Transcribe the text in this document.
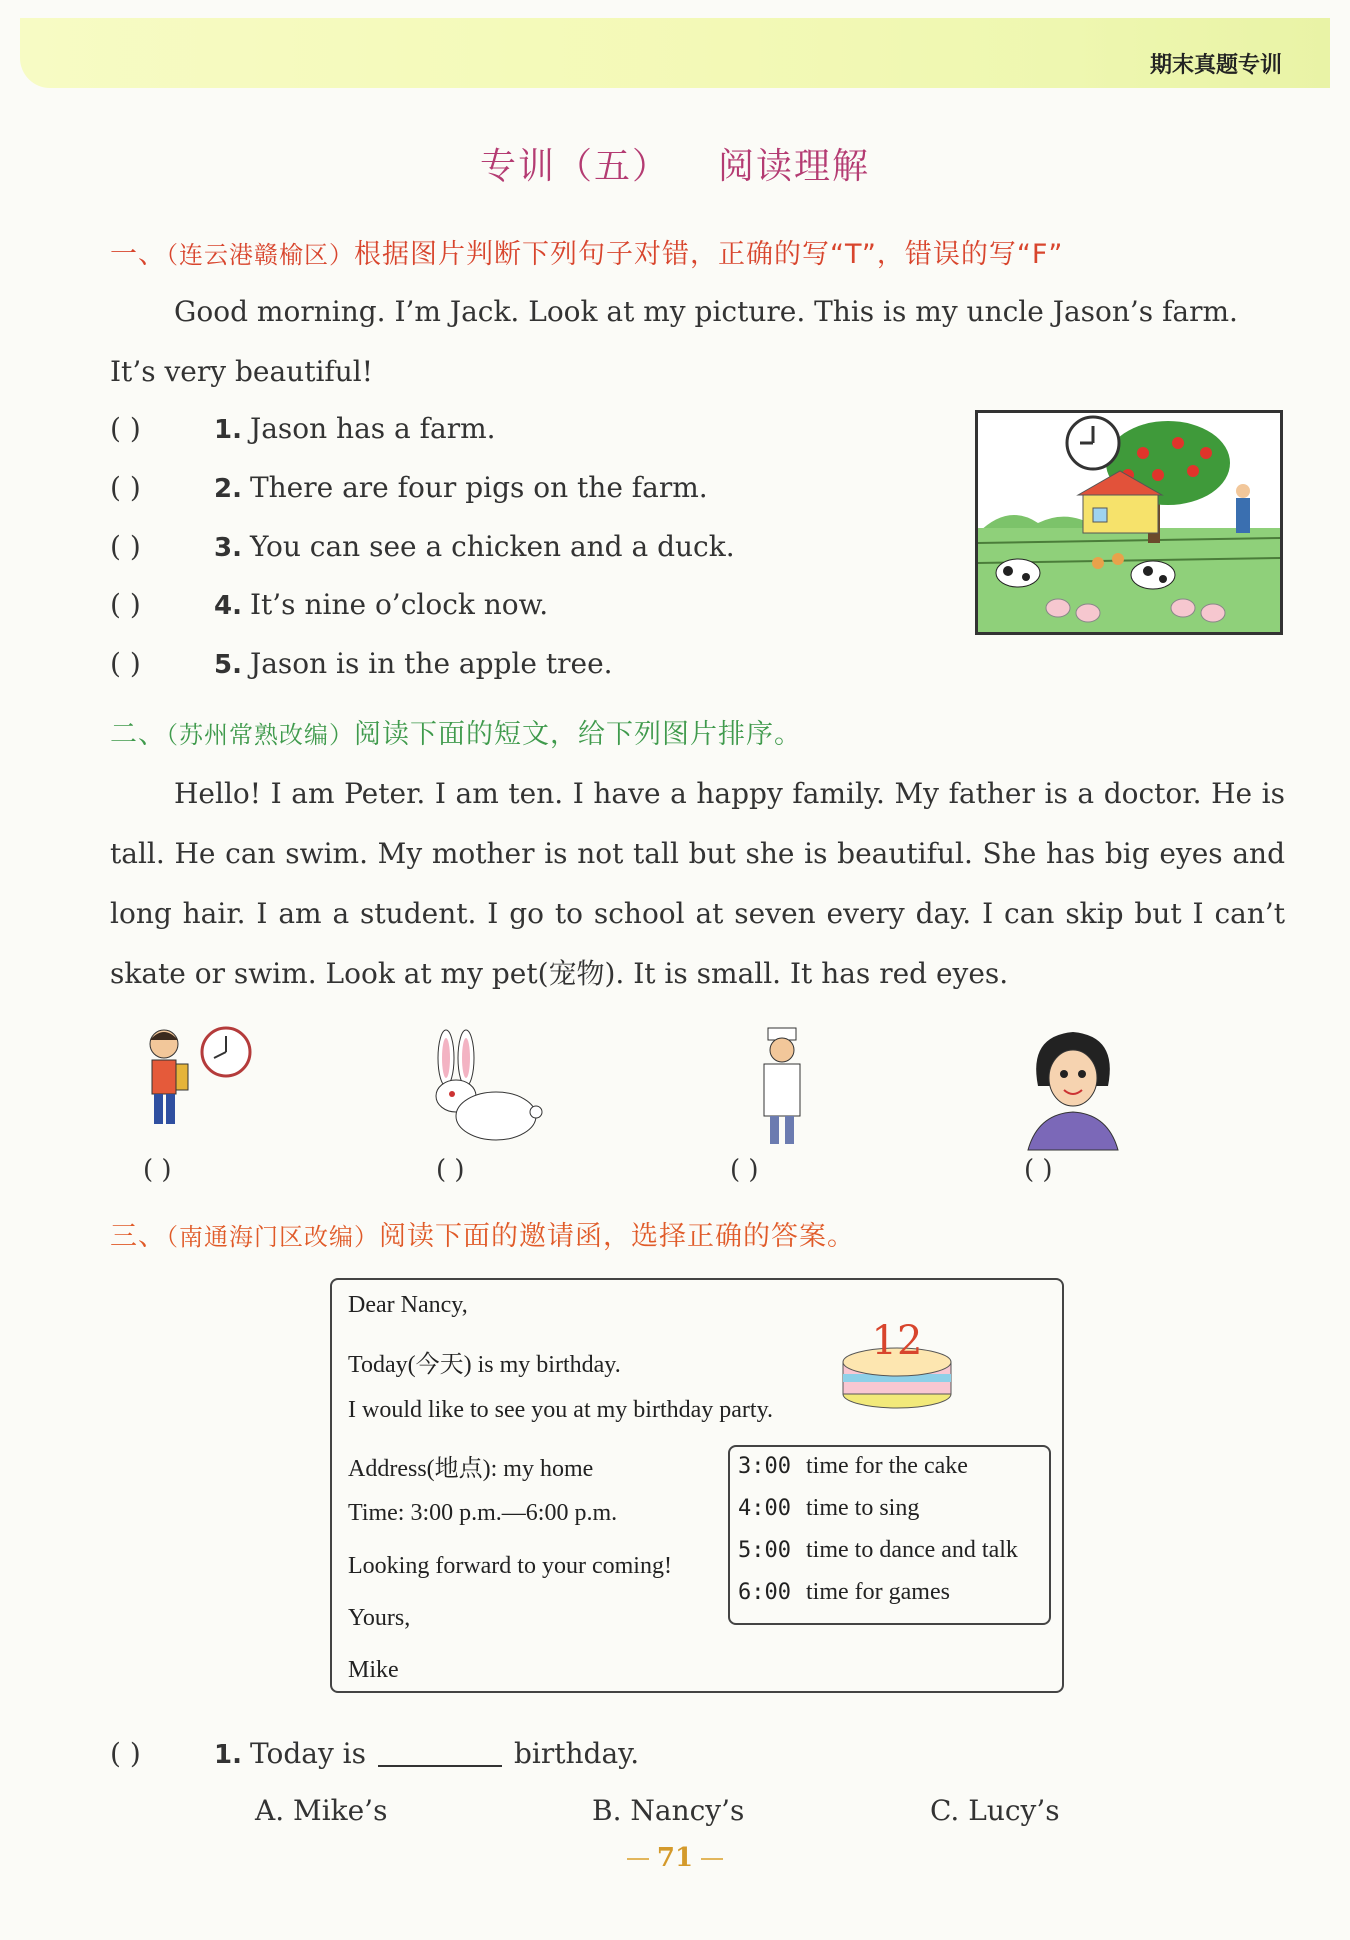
期末真题专训
专训（五） 阅读理解
一、（连云港赣榆区）根据图片判断下列句子对错，正确的写“T”，错误的写“F”
Good morning. I’m Jack. Look at my picture. This is my uncle Jason’s farm.
It’s very beautiful!
( )	1. Jason has a farm.
( )	2. There are four pigs on the farm.
( )	3. You can see a chicken and a duck.
( )	4. It’s nine o’clock now.
( )	5. Jason is in the apple tree.
二、（苏州常熟改编）阅读下面的短文，给下列图片排序。
Hello! I am Peter. I am ten. I have a happy family. My father is a doctor. He is tall. He can swim. My mother is not tall but she is beautiful. She has big eyes and long hair. I am a student. I go to school at seven every day. I can skip but I can’t skate or swim. Look at my pet(宠物). It is small. It has red eyes.
( )	( )	( )	( )
三、（南通海门区改编）阅读下面的邀请函，选择正确的答案。
Dear Nancy,
Today(今天) is my birthday.
I would like to see you at my birthday party.
Address(地点): my home
Time: 3:00 p.m.—6:00 p.m.
Looking forward to your coming!
Yours,
Mike
12
3:00 time for the cake
4:00 time to sing
5:00 time to dance and talk
6:00 time for games
( )	1. Today is	birthday.
A. Mike’s	B. Nancy’s	C. Lucy’s
71
